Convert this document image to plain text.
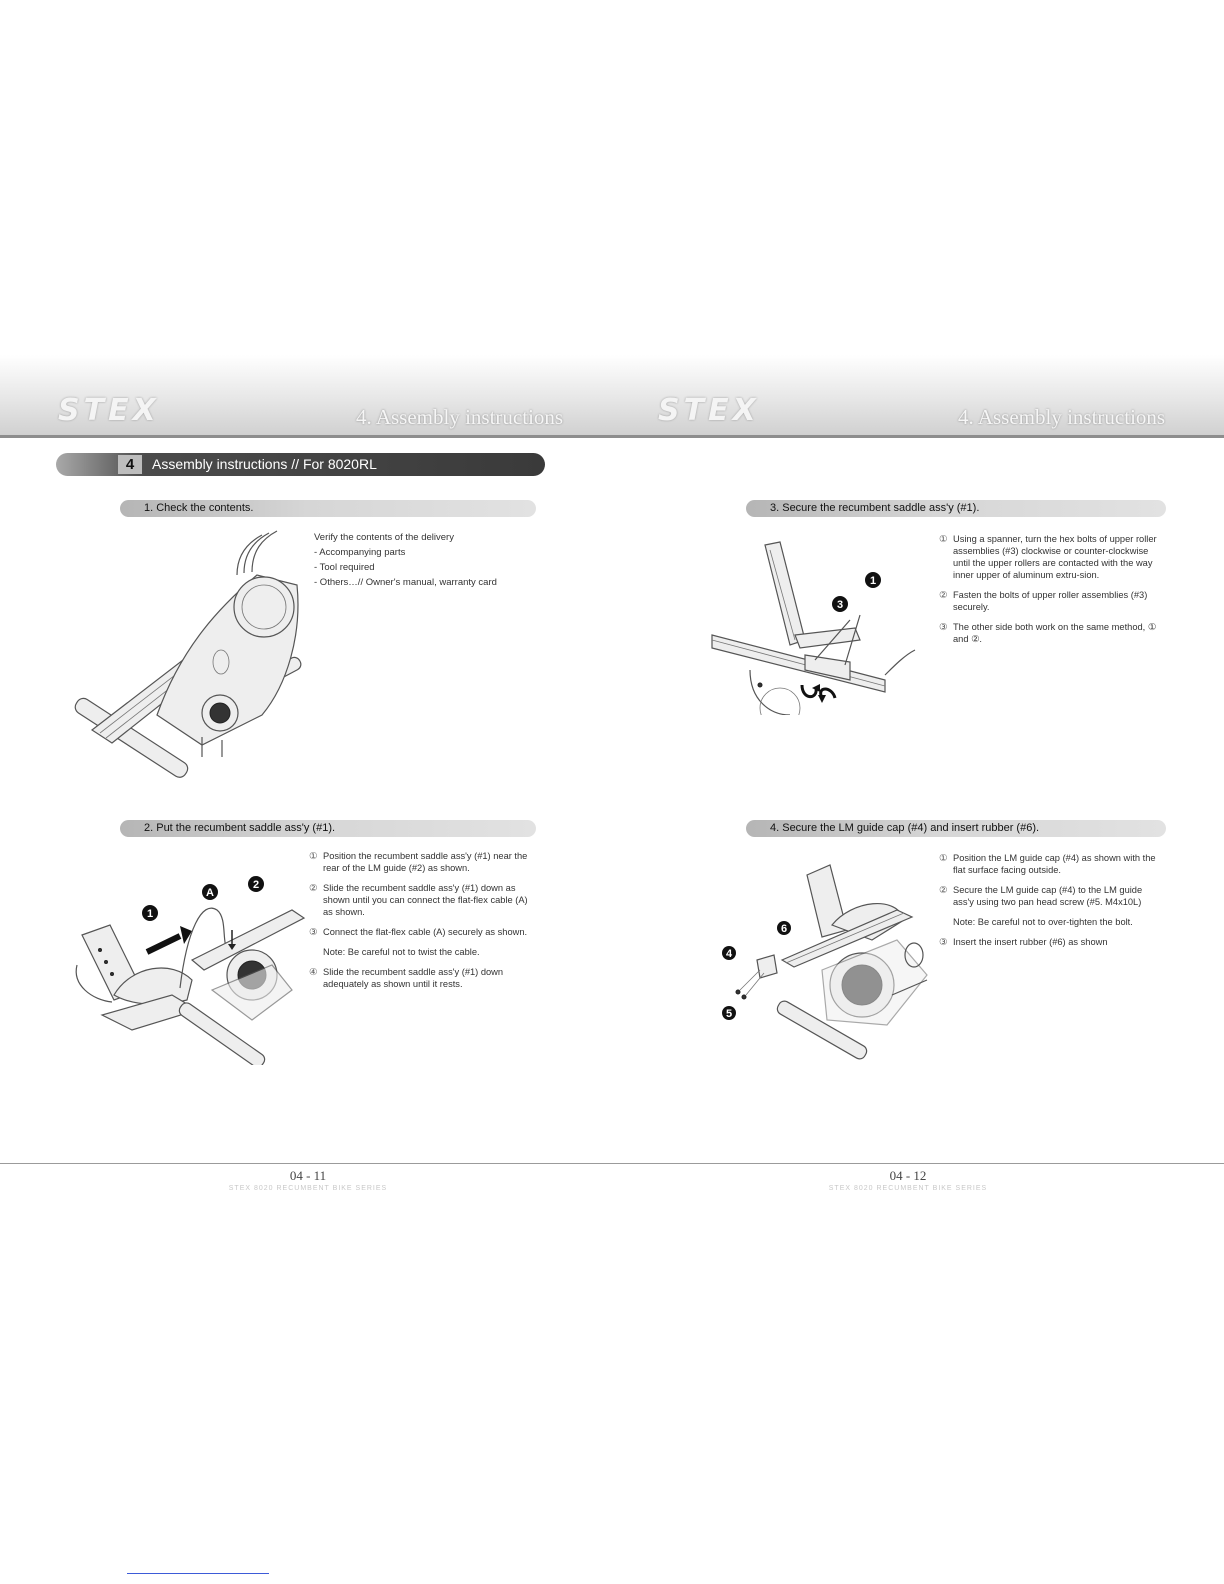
STEX	4. Assembly instructions	STEX	4. Assembly instructions
4	Assembly instructions // For 8020RL
1. Check the contents.
Verify the contents of the delivery
- Accompanying parts
- Tool required
- Others…// Owner's manual, warranty card
2. Put the recumbent saddle ass'y (#1).
① Position the recumbent saddle ass'y (#1) near the rear of the LM guide (#2) as shown.
② Slide the recumbent saddle ass'y (#1) down as shown until you can connect the flat-flex cable (A) as shown.
③ Connect the flat-flex cable (A) securely as shown.
Note: Be careful not to twist the cable.
④ Slide the recumbent saddle ass'y (#1) down adequately as shown until it rests.
1
A
2
3. Secure the recumbent saddle ass'y (#1).
① Using a spanner, turn the hex bolts of upper roller assemblies (#3) clockwise or counter-clockwise until the upper rollers are contacted with the way inner upper of aluminum extru-sion.
② Fasten the bolts of upper roller assemblies (#3) securely.
③ The other side both work on the same method, ① and ②.
1
3
4. Secure the LM guide cap (#4) and insert rubber (#6).
① Position the LM guide cap (#4) as shown with the flat surface facing outside.
② Secure the LM guide cap (#4) to the LM guide ass'y using two pan head screw (#5. M4x10L)
Note: Be careful not to over-tighten the bolt.
③ Insert the insert rubber (#6) as shown
6
4
5
04 - 11
STEX 8020 RECUMBENT BIKE SERIES
04 - 12
STEX 8020 RECUMBENT BIKE SERIES
